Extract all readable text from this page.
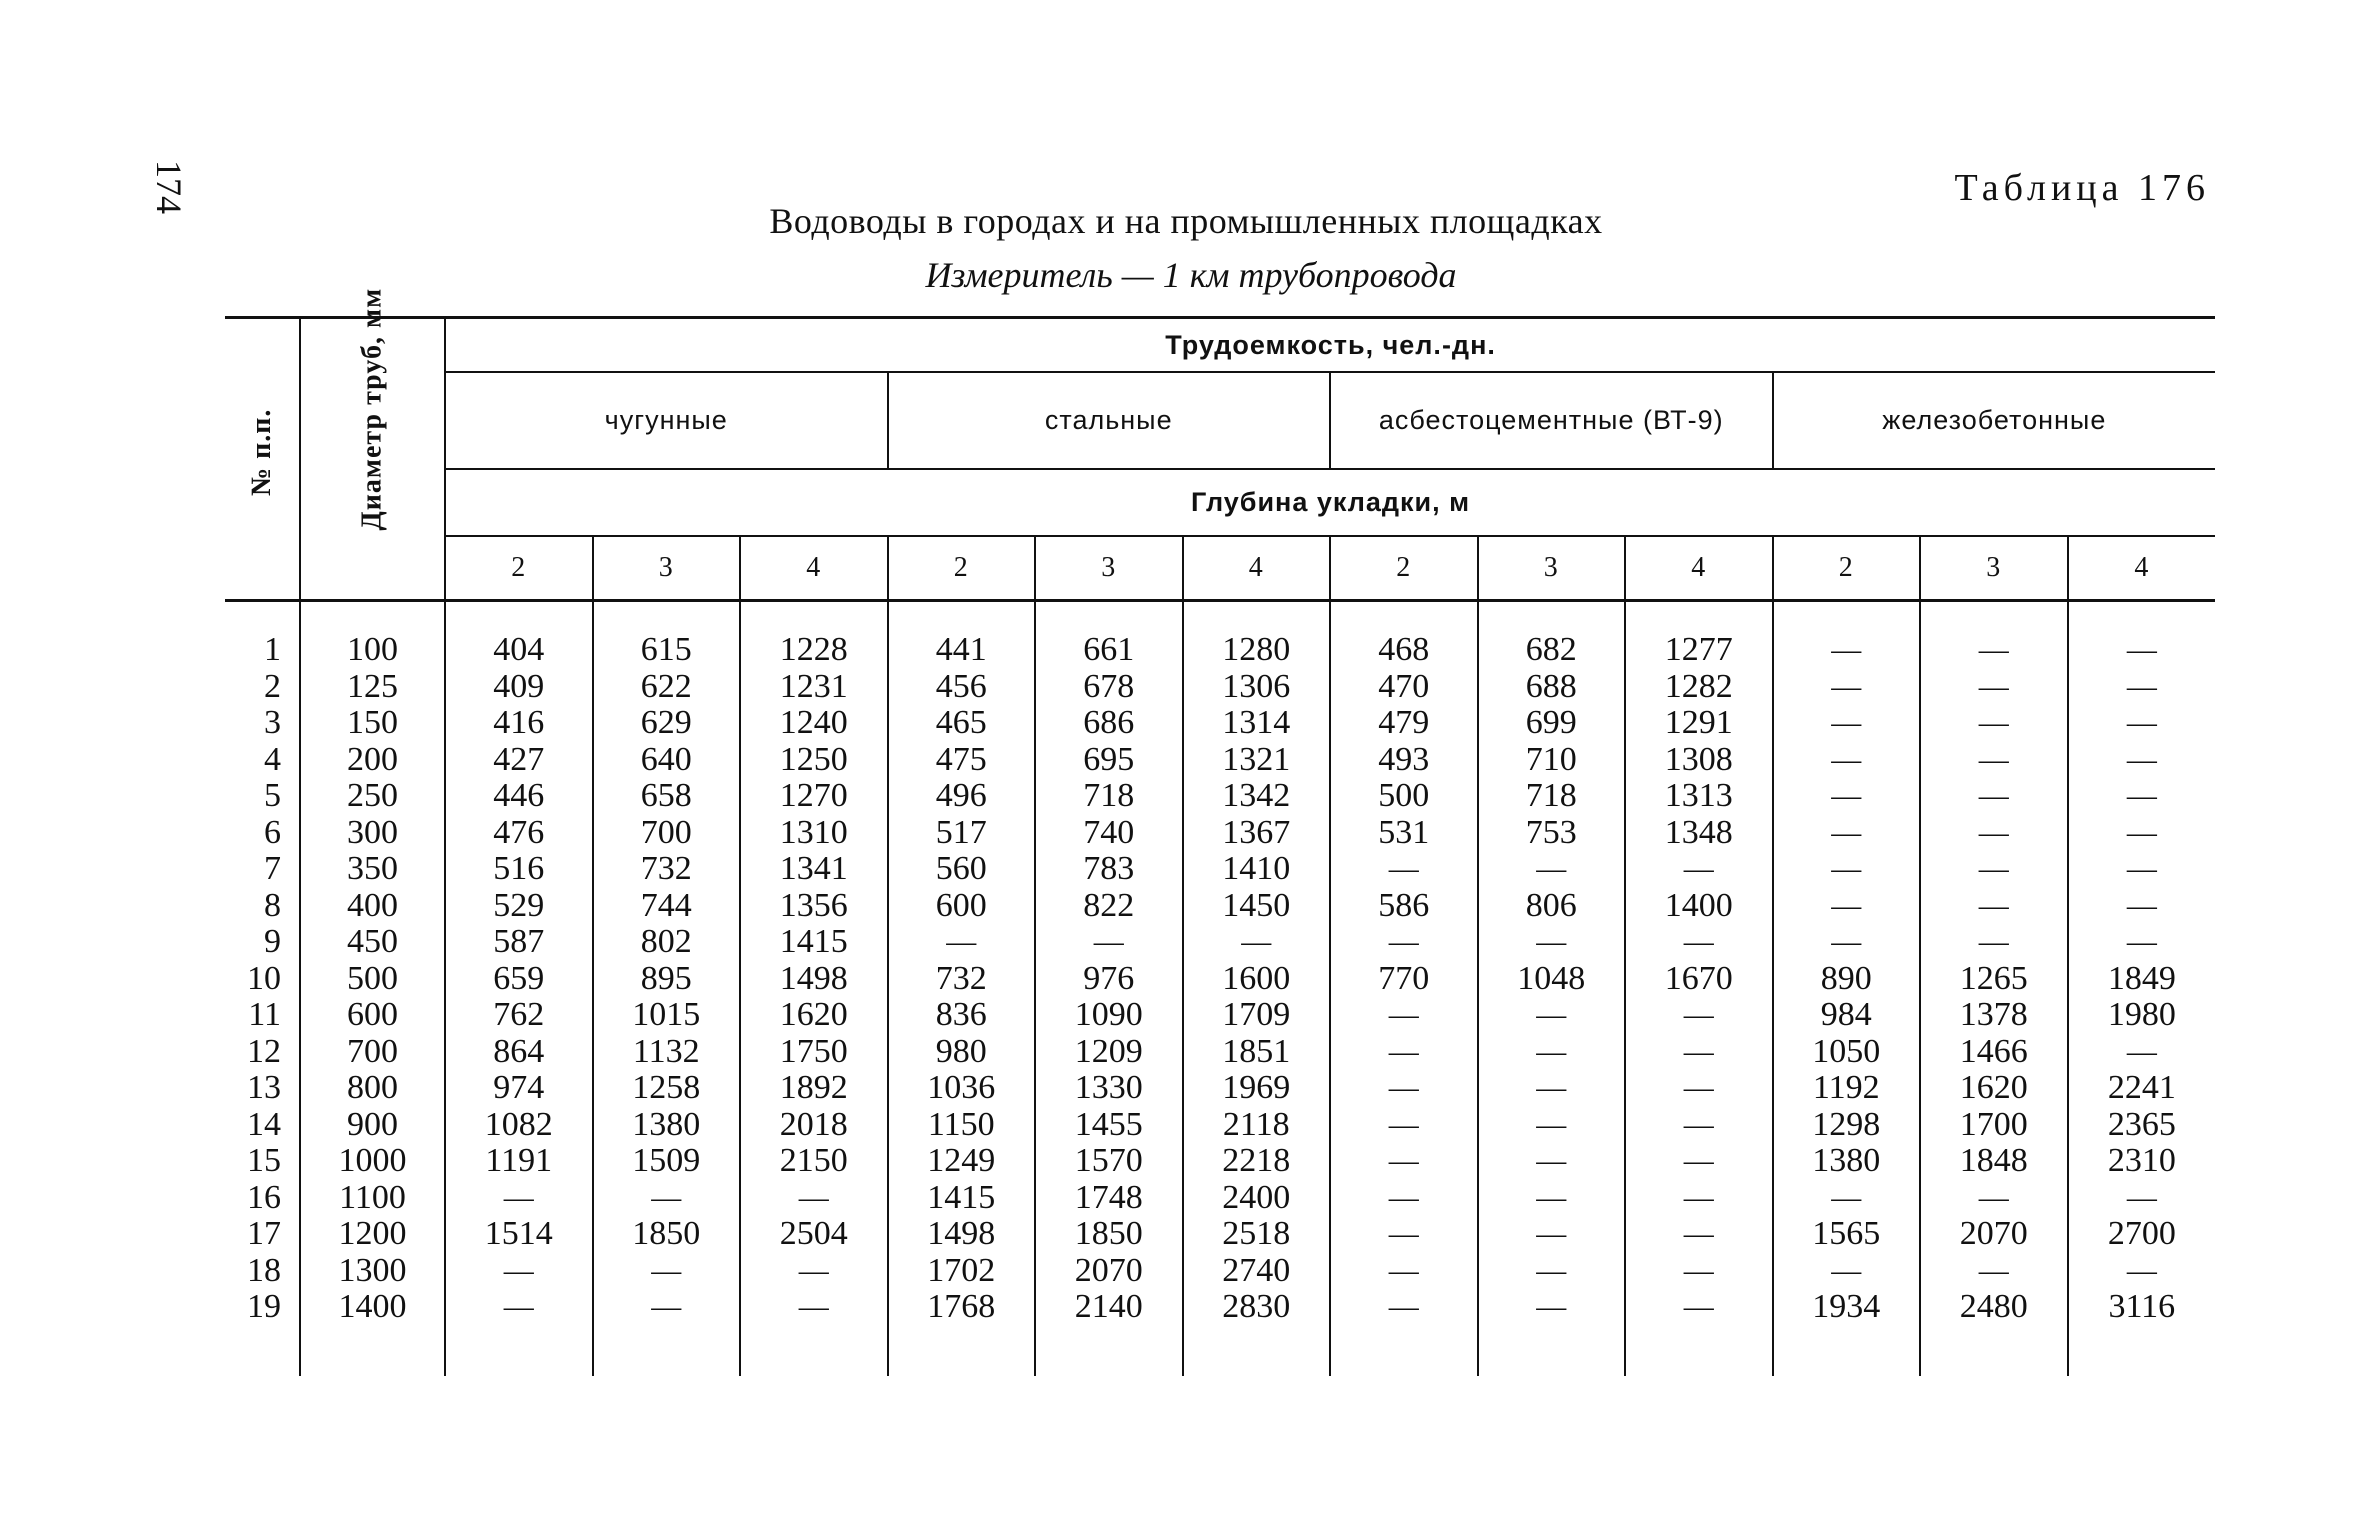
174	Таблица 176
Водоводы в городах и на промышленных площадках
Измеритель — 1 км трубопровода
№ п.п.	Диаметр труб, мм	Трудоемкость, чел.-дн.											
		чугунные			стальные			асбестоцементные (ВТ-9)			железобетонные		
		Глубина укладки, м											
		2	3	4	2	3	4	2	3	4	2	3	4

1	100	404	615	1228	441	661	1280	468	682	1277	—	—	—
2	125	409	622	1231	456	678	1306	470	688	1282	—	—	—
3	150	416	629	1240	465	686	1314	479	699	1291	—	—	—
4	200	427	640	1250	475	695	1321	493	710	1308	—	—	—
5	250	446	658	1270	496	718	1342	500	718	1313	—	—	—
6	300	476	700	1310	517	740	1367	531	753	1348	—	—	—
7	350	516	732	1341	560	783	1410	—	—	—	—	—	—
8	400	529	744	1356	600	822	1450	586	806	1400	—	—	—
9	450	587	802	1415	—	—	—	—	—	—	—	—	—
10	500	659	895	1498	732	976	1600	770	1048	1670	890	1265	1849
11	600	762	1015	1620	836	1090	1709	—	—	—	984	1378	1980
12	700	864	1132	1750	980	1209	1851	—	—	—	1050	1466	—
13	800	974	1258	1892	1036	1330	1969	—	—	—	1192	1620	2241
14	900	1082	1380	2018	1150	1455	2118	—	—	—	1298	1700	2365
15	1000	1191	1509	2150	1249	1570	2218	—	—	—	1380	1848	2310
16	1100	—	—	—	1415	1748	2400	—	—	—	—	—	—
17	1200	1514	1850	2504	1498	1850	2518	—	—	—	1565	2070	2700
18	1300	—	—	—	1702	2070	2740	—	—	—	—	—	—
19	1400	—	—	—	1768	2140	2830	—	—	—	1934	2480	3116
